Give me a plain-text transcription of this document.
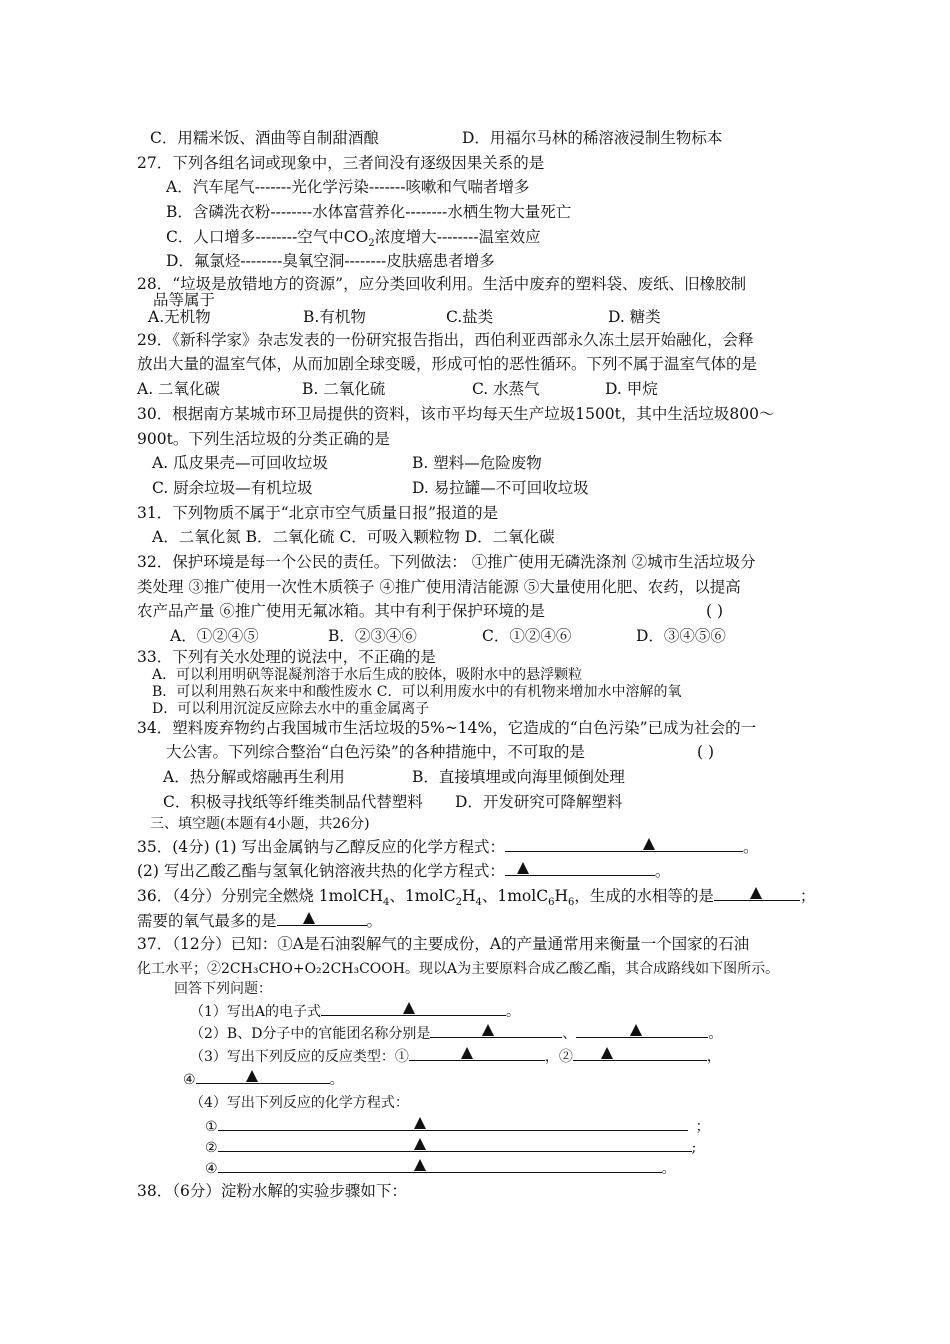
C．用糯米饭、酒曲等自制甜酒酿	D．用福尔马林的稀溶液浸制生物标本
27．下列各组名词或现象中，三者间没有逐级因果关系的是
A．汽车尾气-------光化学污染-------咳嗽和气喘者增多
B．含磷洗衣粉--------水体富营养化--------水栖生物大量死亡
C．人口增多--------空气中$CO_2$浓度增大--------温室效应
D．氟氯烃--------臭氧空洞--------皮肤癌患者增多
28．“垃圾是放错地方的资源”，应分类回收利用。生活中废弃的塑料袋、废纸、旧橡胶制
品等属于
A.无机物	B.有机物	C.盐类	D. 糖类
29．《新科学家》杂志发表的一份研究报告指出，西伯利亚西部永久冻土层开始融化，会释
放出大量的温室气体，从而加剧全球变暖，形成可怕的恶性循环。下列不属于温室气体的是
A. 二氧化碳	B. 二氧化硫	C. 水蒸气	D. 甲烷
30．根据南方某城市环卫局提供的资料，该市平均每天生产垃圾1500t，其中生活垃圾800～
900t。下列生活垃圾的分类正确的是
A. 瓜皮果壳—可回收垃圾	B. 塑料—危险废物
C. 厨余垃圾—有机垃圾	D. 易拉罐—不可回收垃圾
31．下列物质不属于“北京市空气质量日报”报道的是
A．二氧化氮 B．二氧化硫 C．可吸入颗粒物 D．二氧化碳
32．保护环境是每一个公民的责任。下列做法： ①推广使用无磷洗涤剂 ②城市生活垃圾分
类处理 ③推广使用一次性木质筷子 ④推广使用清洁能源 ⑤大量使用化肥、农药，以提高
农产品产量 ⑥推广使用无氟冰箱。其中有利于保护环境的是	( )
A．①②④⑤	B．②③④⑥	C．①②④⑥	D．③④⑤⑥
33．下列有关水处理的说法中，不正确的是
A．可以利用明矾等混凝剂溶于水后生成的胶体，吸附水中的悬浮颗粒
B．可以利用熟石灰来中和酸性废水 C．可以利用废水中的有机物来增加水中溶解的氧
D．可以利用沉淀反应除去水中的重金属离子
34．塑料废弃物约占我国城市生活垃圾的5%~14%，它造成的“白色污染”已成为社会的一
大公害。下列综合整治“白色污染”的各种措施中，不可取的是	( )
A．热分解或熔融再生利用	B．直接填埋或向海里倾倒处理
C．积极寻找纸等纤维类制品代替塑料 D．开发研究可降解塑料
三、填空题(本题有4小题，共26分)
35．(4分) (1) 写出金属钠与乙醇反应的化学方程式：	。
(2) 写出乙酸乙酯与氢氧化钠溶液共热的化学方程式：	。
36．（4分）分别完全燃烧 1molCH$_4$、$1molC_2H_4$、$1molC_6H_6$，生成的水相等的是	；
需要的氧气最多的是	。
37．（12分）已知：①A是石油裂解气的主要成份，A的产量通常用来衡量一个国家的石油
化工水平；②2CH₃CHO+O₂2CH₃COOH。现以A为主要原料合成乙酸乙酯，其合成路线如下图所示。
回答下列问题：
（1）写出A的电子式	。
（2）B、D分子中的官能团名称分别是	、	。
（3）写出下列反应的反应类型：①	，②	，
④	。
（4）写出下列反应的化学方程式：
①	；
②	;
④	。
38．（6分）淀粉水解的实验步骤如下：
